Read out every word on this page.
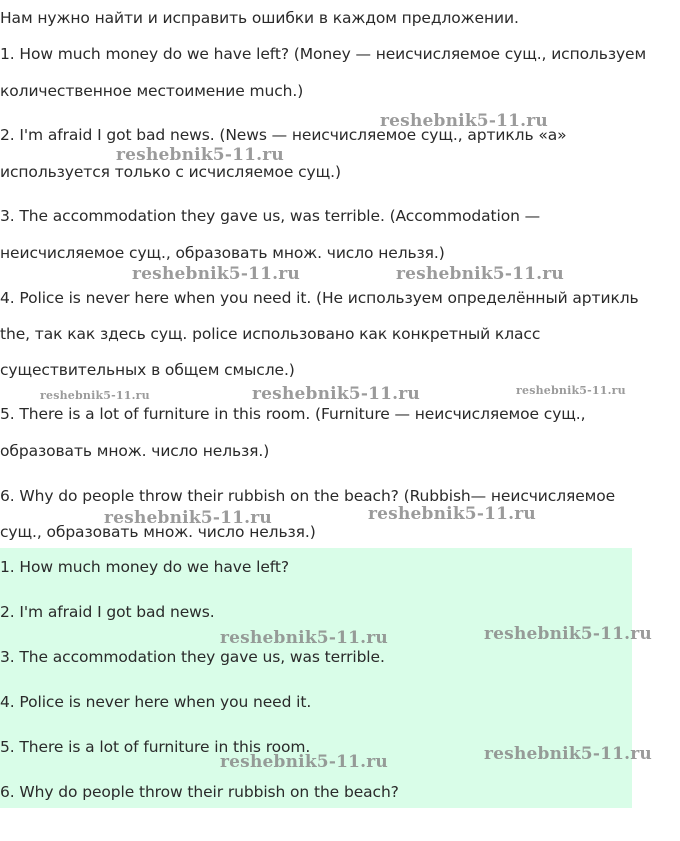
Нам нужно найти и исправить ошибки в каждом предложении.
1. How much money do we have left? (Money — неисчисляемое сущ., используем
количественное местоимение much.)
2. I'm afraid I got bad news. (News — неисчисляемое сущ., артикль «a»
используется только с исчисляемое сущ.)
3. The accommodation they gave us, was terrible. (Accommodation —
неисчисляемое сущ., образовать множ. число нельзя.)
4. Police is never here when you need it. (Не используем определённый артикль
the, так как здесь сущ. police использовано как конкретный класс
существительных в общем смысле.)
5. There is a lot of furniture in this room. (Furniture — неисчисляемое сущ.,
образовать множ. число нельзя.)
6. Why do people throw their rubbish on the beach? (Rubbish— неисчисляемое
сущ., образовать множ. число нельзя.)
1. How much money do we have left?
2. I'm afraid I got bad news.
3. The accommodation they gave us, was terrible.
4. Police is never here when you need it.
5. There is a lot of furniture in this room.
6. Why do people throw their rubbish on the beach?
reshebnik5-11.ru
reshebnik5-11.ru
reshebnik5-11.ru	reshebnik5-11.ru
reshebnik5-11.ru	reshebnik5-11.ru	reshebnik5-11.ru
reshebnik5-11.ru	reshebnik5-11.ru
reshebnik5-11.ru	reshebnik5-11.ru
reshebnik5-11.ru	reshebnik5-11.ru
